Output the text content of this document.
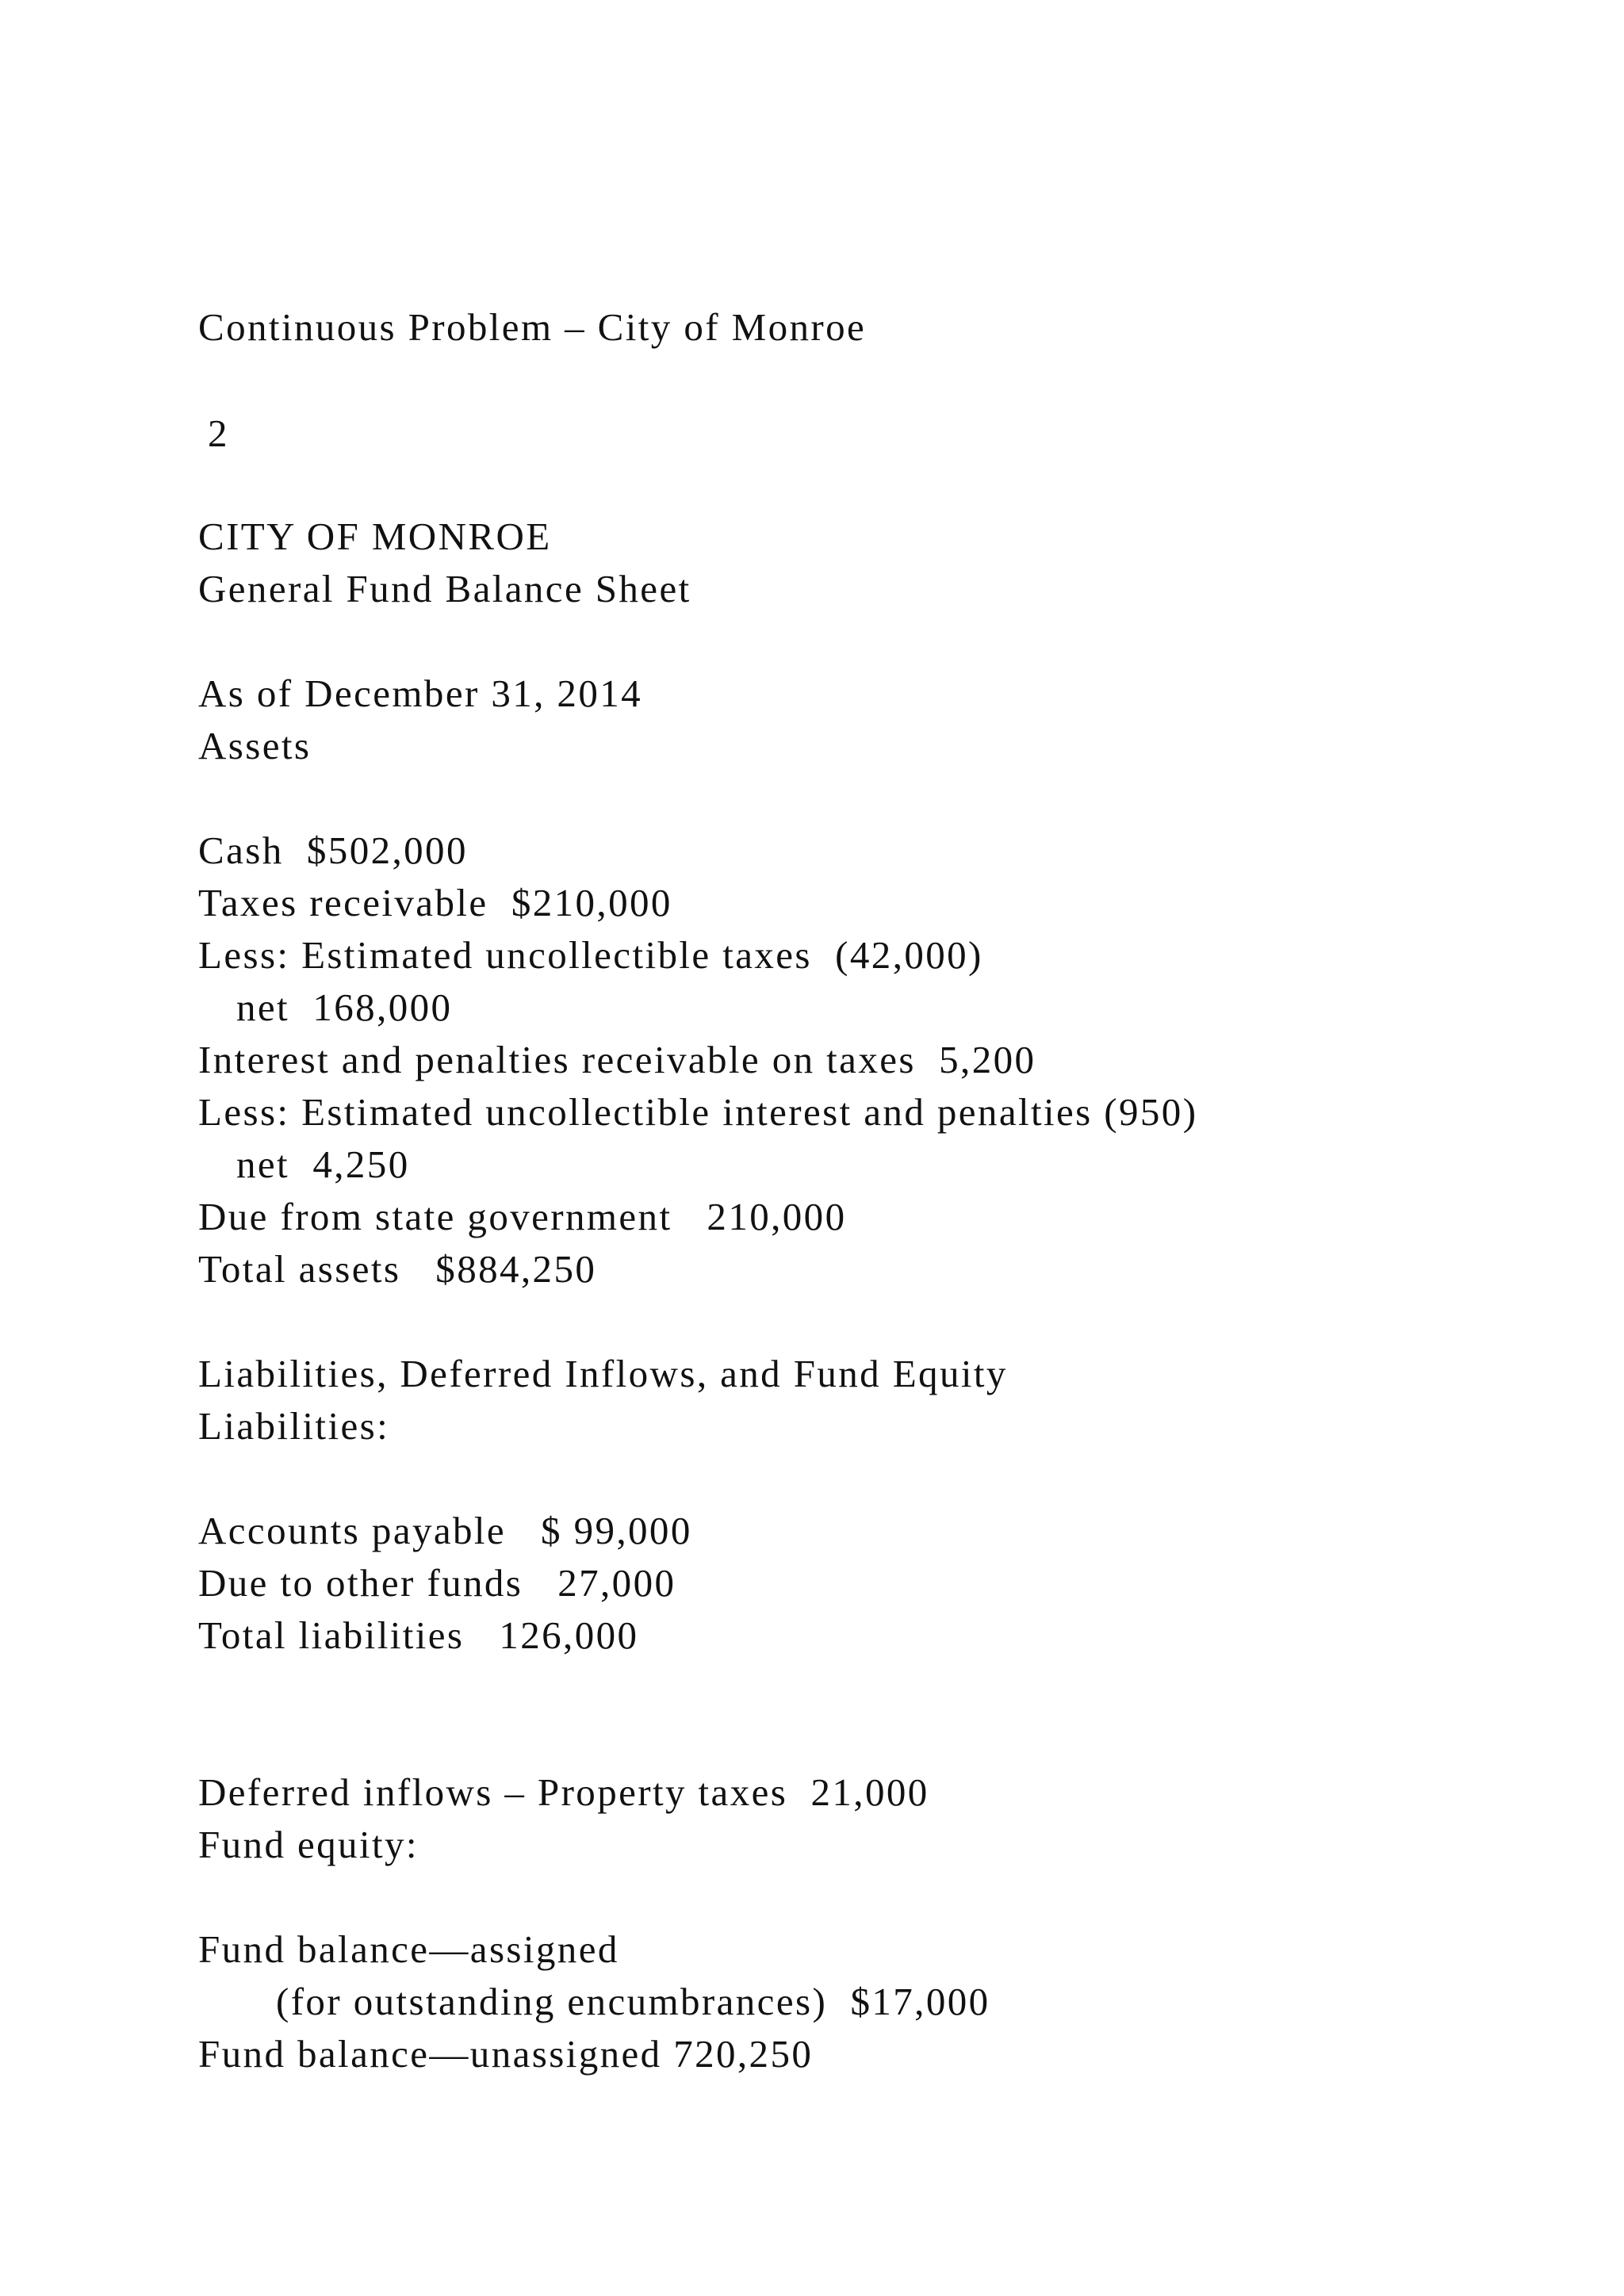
Continuous Problem – City of Monroe
2
CITY OF MONROE
General Fund Balance Sheet
As of December 31, 2014
Assets
Cash  $502,000
Taxes receivable  $210,000
Less: Estimated uncollectible taxes  (42,000)
net  168,000
Interest and penalties receivable on taxes  5,200
Less: Estimated uncollectible interest and penalties (950)
net  4,250
Due from state government   210,000
Total assets   $884,250
Liabilities, Deferred Inflows, and Fund Equity
Liabilities:
Accounts payable   $ 99,000
Due to other funds   27,000
Total liabilities   126,000
Deferred inflows – Property taxes  21,000
Fund equity:
Fund balance—assigned
(for outstanding encumbrances)  $17,000
Fund balance—unassigned 720,250
